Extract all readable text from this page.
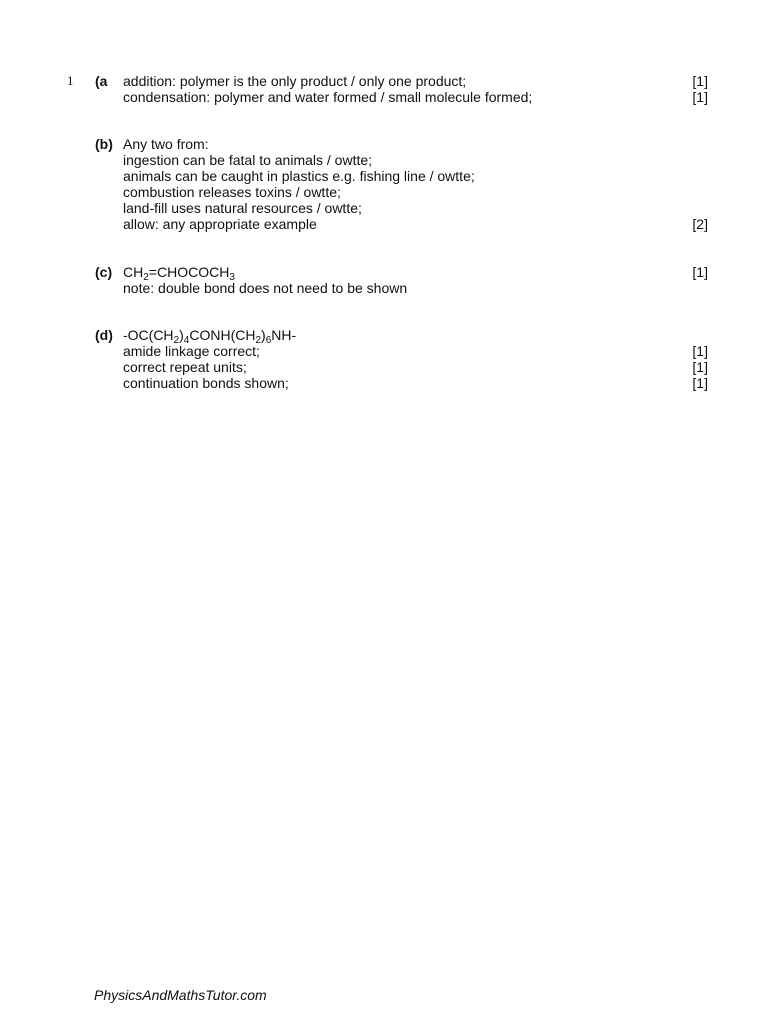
1 (a addition: polymer is the only product / only one product;
condensation: polymer and water formed / small molecule formed;
[1]
[1]
(b) Any two from:
ingestion can be fatal to animals / owtte;
animals can be caught in plastics e.g. fishing line / owtte;
combustion releases toxins / owtte;
land-fill uses natural resources / owtte;
allow: any appropriate example	[2]
(c) $CH_2=CHOCOCH_3$
note: double bond does not need to be shown
[1]
(d) $-OC(CH_2)_4CONH(CH_2)_6NH-$
amide linkage correct;
correct repeat units;
continuation bonds shown;
[1]
[1]
[1]
PhysicsAndMathsTutor.com
